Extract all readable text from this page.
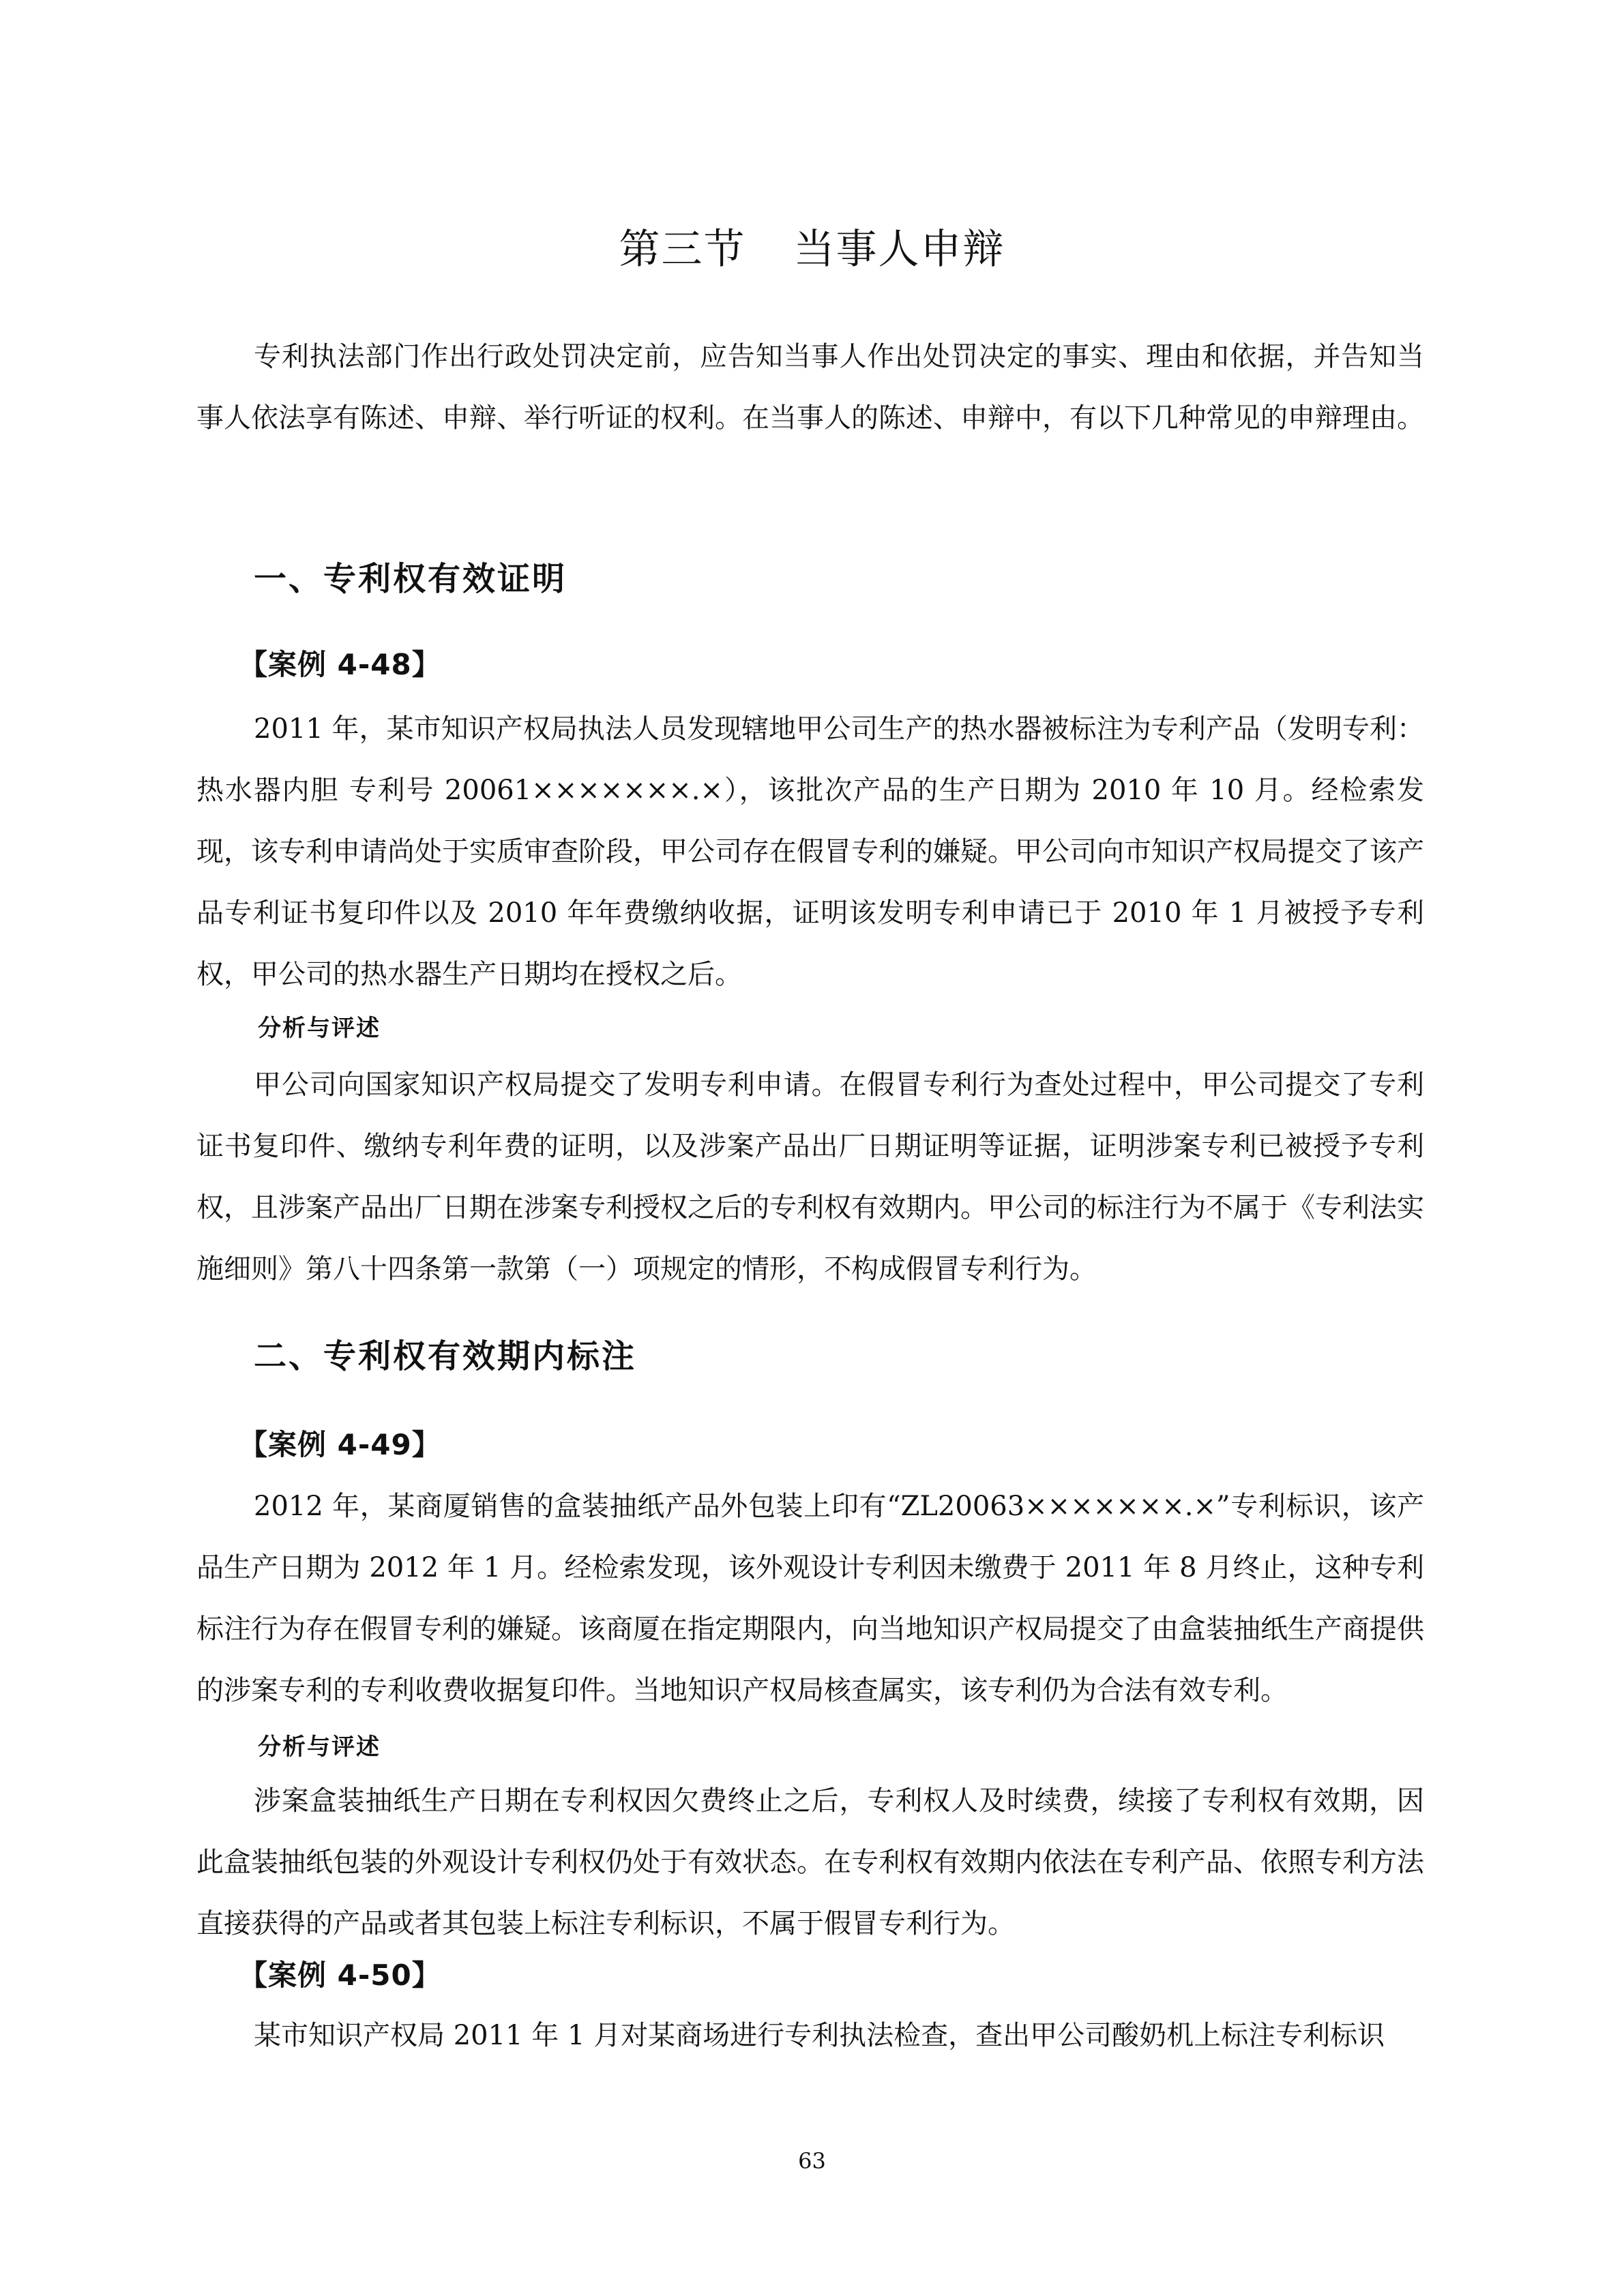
第三节 当事人申辩

专利执法部门作出行政处罚决定前，应告知当事人作出处罚决定的事实、理由和依据，并告知当事人依法享有陈述、申辩、举行听证的权利。在当事人的陈述、申辩中，有以下几种常见的申辩理由。

一、专利权有效证明
【案例 4-48】

2011 年，某市知识产权局执法人员发现辖地甲公司生产的热水器被标注为专利产品（发明专利：热水器内胆 专利号 20061×××××××.×），该批次产品的生产日期为 2010 年 10 月。经检索发现，该专利申请尚处于实质审查阶段，甲公司存在假冒专利的嫌疑。甲公司向市知识产权局提交了该产品专利证书复印件以及 2010 年年费缴纳收据，证明该发明专利申请已于 2010 年 1 月被授予专利权，甲公司的热水器生产日期均在授权之后。

分析与评述

甲公司向国家知识产权局提交了发明专利申请。在假冒专利行为查处过程中，甲公司提交了专利证书复印件、缴纳专利年费的证明，以及涉案产品出厂日期证明等证据，证明涉案专利已被授予专利权，且涉案产品出厂日期在涉案专利授权之后的专利权有效期内。甲公司的标注行为不属于《专利法实施细则》第八十四条第一款第（一）项规定的情形，不构成假冒专利行为。

二、专利权有效期内标注
【案例 4-49】

2012 年，某商厦销售的盒装抽纸产品外包装上印有“ZL20063×××××××.×”专利标识，该产品生产日期为 2012 年 1 月。经检索发现，该外观设计专利因未缴费于 2011 年 8 月终止，这种专利标注行为存在假冒专利的嫌疑。该商厦在指定期限内，向当地知识产权局提交了由盒装抽纸生产商提供的涉案专利的专利收费收据复印件。当地知识产权局核查属实，该专利仍为合法有效专利。

分析与评述

涉案盒装抽纸生产日期在专利权因欠费终止之后，专利权人及时续费，续接了专利权有效期，因此盒装抽纸包装的外观设计专利权仍处于有效状态。在专利权有效期内依法在专利产品、依照专利方法直接获得的产品或者其包装上标注专利标识，不属于假冒专利行为。

【案例 4-50】

某市知识产权局 2011 年 1 月对某商场进行专利执法检查，查出甲公司酸奶机上标注专利标识

63
